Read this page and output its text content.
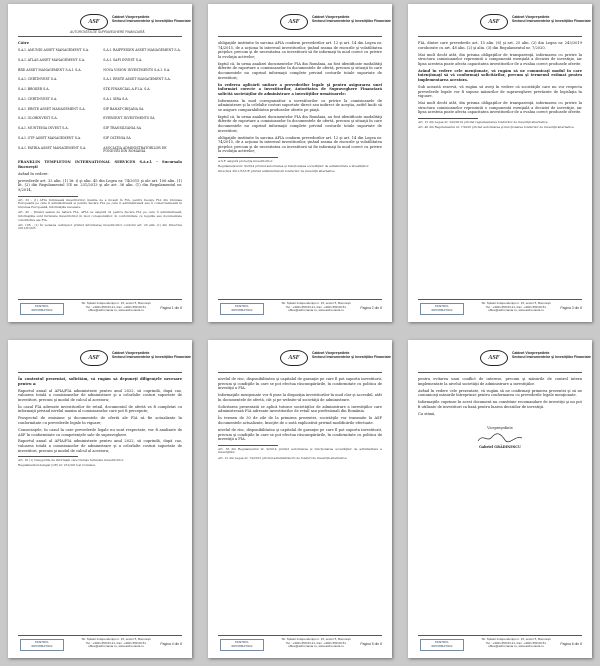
ASF
Cabinet Vicepreşedinte
Sectorul Instrumentelor şi Investiţiilor Financiare
AUTORITATEA DE SUPRAVEGHERE FINANCIARĂ
Către
S.A.I. AMUNDI ASSET MANAGEMENT S.A.	S.A.I. RAIFFEISEN ASSET MANAGEMENT S.A.
S.A.I. ATLAS ASSET MANAGEMENT S.A.	S.A.I. SAFI INVEST S.A.
BRD ASSET MANAGEMENT S.A.I. S.A.	NOVA VISION INVESTMENTS S.A.I. S.A.
S.A.I. CERTINVEST S.A.	S.A.I. ERSTE ASSET MANAGEMENT S.A.
S.A.I. BROKER S.A.	STK FINANCIAL A.F.I.A. S.A.
S.A.I. CERTINVEST S.A.	S.A.I. SIRA S.A.
S.A.I. ERSTE ASSET MANAGEMENT S.A.	SIF BANAT-CRIŞANA SA
S.A.I. GLOBINVEST S.A.	EVERGENT INVESTMENTS SA
S.A.I. MUNTENIA INVEST S.A.	SIF TRANSILVANIA SA
S.A.I. OTP ASSET MANAGEMENT S.A.	SIF OLTENIA SA
S.A.I. PATRIA ASSET MANAGEMENT S.A.	ASOCIAŢIA ADMINISTRATORILOR DE FONDURI DIN ROMÂNIA

FRANKLIN TEMPLETON INTERNATIONAL SERVICES S.à.r.l. - Sucursala Bucureşti

Având în vedere:

prevederile art. 32 alin. (1) lit. i) şi alin. 45 din Legea nr. 74/2015 şi ale art. 106 alin. (1) lit. (2) din Regulamentul UE nr. 231/2013 şi ale art. 36 alin. (1) din Regulamentul nr. 9/2014,

Art. 32 - (1) AFIA furnizează investitorilor, înainte de a investi în FIA, pentru fiecare FIA din Uniunea Europeană pe care îl administrează şi pentru fiecare FIA pe care îl administrează sau îl comercializează în Uniunea Europeană, informaţiile necesare.

Art. 45 - Ţinând seama de natura FIA, AFIA se asigură că pentru fiecare FIA pe care îl administrează, informaţiile sunt furnizate investitorilor în mod corespunzător, în conformitate cu regulile sau documentele constitutive ale FIA.

Art. 106 - (1) În vederea cerinţelor privind informarea investitorilor conform art. 23 alin. (1) din Directiva 2011/61/UE.

CENTRUL
INFORMATIILE
Str. Splaiul Independenţei nr. 15, sector 5, Bucureşti
Tel.: +4021.659.63.21, Fax: +4021.659.60.51
office@asfromania.ro, www.asfromania.ro
Pagina 1 din 6
ASF
Cabinet Vicepreşedinte
Sectorul Instrumentelor şi Investiţiilor Financiare

obligaţiile instituite în sarcina AFIA conform prevederilor art. 12 şi art. 14 din Legea nr. 74/2015, de a acţiona în interesul investitorilor, ţinând seama de riscurile şi volatilitatea pieţelor, precum şi de necesitatea ca investitorii să fie informaţi în mod corect cu privire la evoluţia activelor;

faptul că, în urma analizei documentelor FIA din România, au fost identificate modalităţi diferite de raportare a comisioanelor în documentele de ofertă, precum şi situaţii în care documentele nu cuprind informaţii complete privind costurile totale suportate de investitori;

în vederea aplicării unitare a prevederilor legale şi pentru asigurarea unei informări corecte a investitorilor, Autoritatea de Supraveghere Financiară solicită societăţilor de administrare a investiţiilor următoarele:

Informarea în mod corespunzător a investitorilor cu privire la comisioanele de administrare şi la celelalte costuri suportate direct sau indirect de aceştia, astfel încât să se asigure comparabilitatea produselor oferite pe piaţă.

faptul că, în urma analizei documentelor FIA din România, au fost identificate modalităţi diferite de raportare a comisioanelor în documentele de ofertă, precum şi situaţii în care documentele nu cuprind informaţii complete privind costurile totale suportate de investitori;

obligaţiile instituite în sarcina AFIA conform prevederilor art. 12 şi art. 14 din Legea nr. 74/2015, de a acţiona în interesul investitorilor, ţinând seama de riscurile şi volatilitatea pieţelor, precum şi de necesitatea ca investitorii să fie informaţi în mod corect cu privire la evoluţia activelor;

A.S.F. asigură protecţia investitorilor.

Regulamentul nr. 9/2014 privind autorizarea şi funcţionarea societăţilor de administrare a investiţiilor.

Directiva 2011/61/UE privind administratorii fondurilor de investiţii alternative.

CENTRUL
INFORMATIILE
Str. Splaiul Independenţei nr. 15, sector 5, Bucureşti
Tel.: +4021.659.63.21, Fax: +4021.659.60.51
office@asfromania.ro, www.asfromania.ro
Pagina 2 din 6
ASF
Cabinet Vicepreşedinte
Sectorul Instrumentelor şi Investiţiilor Financiare

FIA, dintre care prevederile art. 15 alin. (6) şi art. 25 alin. (2) din Legea nr. 243/2019 coroborate cu art. 48 alin. (2) şi alin. (3) din Regulamentul nr. 7/2020.

Mai mult decât atât, din prisma obligaţiilor de transparenţă, informarea cu privire la structura comisioanelor reprezintă o componentă esenţială a deciziei de investiţie, iar lipsa acesteia poate afecta capacitatea investitorilor de a evalua corect produsele oferite.

Având în vedere cele menţionate, vă rugăm să ne comunicaţi modul în care intenţionaţi să vă conformaţi solicitărilor, precum şi termenul estimat pentru implementarea acestora.

Sub această rezervă, vă rugăm să aveţi în vedere că societăţile care nu vor respecta prevederile legale vor fi supuse măsurilor de supraveghere prevăzute de legislaţia în vigoare.

Mai mult decât atât, din prisma obligaţiilor de transparenţă, informarea cu privire la structura comisioanelor reprezintă o componentă esenţială a deciziei de investiţie, iar lipsa acesteia poate afecta capacitatea investitorilor de a evalua corect produsele oferite.

Art. 15 din Legea nr. 243/2019 privind reglementarea fondurilor de investiţii alternative.

Art. 48 din Regulamentul nr. 7/2020 privind autorizarea şi funcţionarea fondurilor de investiţii alternative.

CENTRUL
INFORMATIILE
Str. Splaiul Independenţei nr. 15, sector 5, Bucureşti
Tel.: +4021.659.63.21, Fax: +4021.659.60.51
office@asfromania.ro, www.asfromania.ro
Pagina 3 din 6
ASF
Cabinet Vicepreşedinte
Sectorul Instrumentelor şi Investiţiilor Financiare

În contextul prezentat, solicităm, vă rugăm să depuneţi diligenţele necesare pentru a:

Raportul anual al AFIA/FIA administrate pentru anul 2022, să cuprindă, după caz, valoarea totală a comisioanelor de administrare şi a celorlalte costuri suportate de investitori, precum şi modul de calcul al acestora;

În cazul FIA adresate investitorilor de retail, documentul de ofertă va fi completat cu informaţii privind nivelul maxim al comisioanelor care pot fi percepute;

Prospectul de emisiune şi documentele de ofertă ale FIA să fie actualizate în conformitate cu prevederile legale în vigoare;

Consecinţele, în cazul în care prevederile legale nu sunt respectate, vor fi analizate de ASF în conformitate cu competenţele sale de supraveghere.

Raportul anual al AFIA/FIA administrate pentru anul 2022, să cuprindă, după caz, valoarea totală a comisioanelor de administrare şi a celorlalte costuri suportate de investitori, precum şi modul de calcul al acestora;

Art. 18 (1) Categoriile de informaţii care trebuie furnizate investitorilor.

Regulamentul delegat (UE) nr. 231/2013 al Comisiei.

CENTRUL
INFORMATIILE
Str. Splaiul Independenţei nr. 15, sector 5, Bucureşti
Tel.: +4021.659.63.21, Fax: +4021.659.60.51
office@asfromania.ro, www.asfromania.ro
Pagina 4 din 6
ASF
Cabinet Vicepreşedinte
Sectorul Instrumentelor şi Investiţiilor Financiare

nivelul de risc, disponibilitatea şi capitalul de garanţie pe care îl pot suporta investitorii, precum şi condiţiile în care se pot efectua răscumpărările, în conformitate cu politica de investiţii a FIA.

Informaţiile menţionate vor fi puse la dispoziţia investitorilor în mod clar şi accesibil, atât în documentele de ofertă, cât şi pe website-ul societăţii de administrare.

Solicitarea prezentată se aplică tuturor societăţilor de administrare a investiţiilor care administrează FIA adresate investitorilor de retail sau profesionali din România.

În termen de 30 de zile de la primirea prezentei, societăţile vor transmite la ASF documentele actualizate, însoţite de o notă explicativă privind modificările efectuate.

nivelul de risc, disponibilitatea şi capitalul de garanţie pe care îl pot suporta investitorii, precum şi condiţiile în care se pot efectua răscumpărările, în conformitate cu politica de investiţii a FIA.

Art. 36 din Regulamentul nr. 9/2014 privind autorizarea şi funcţionarea societăţilor de administrare a investiţiilor.

Art. 12 din Legea nr. 74/2015 privind administratorii de fonduri de investiţii alternative.

CENTRUL
INFORMATIILE
Str. Splaiul Independenţei nr. 15, sector 5, Bucureşti
Tel.: +4021.659.63.21, Fax: +4021.659.60.51
office@asfromania.ro, www.asfromania.ro
Pagina 5 din 6
ASF
Cabinet Vicepreşedinte
Sectorul Instrumentelor şi Investiţiilor Financiare

pentru evitarea unui conflict de interese, precum şi măsurile de control intern implementate la nivelul societăţii de administrare a investiţiilor.

Având în vedere cele prezentate, vă rugăm să ne confirmaţi primirea prezentei şi să ne comunicaţi măsurile întreprinse pentru conformarea cu prevederile legale menţionate.

Informaţiile cuprinse în acest document nu constituie recomandare de investiţii şi nu pot fi utilizate de investitori ca bază pentru luarea deciziilor de investiţii.

Cu stimă,

Vicepreşedinte
Gabriel GRĂDINESCU
CENTRUL
INFORMATIILE
Str. Splaiul Independenţei nr. 15, sector 5, Bucureşti
Tel.: +4021.659.63.21, Fax: +4021.659.60.51
office@asfromania.ro, www.asfromania.ro
Pagina 6 din 6
